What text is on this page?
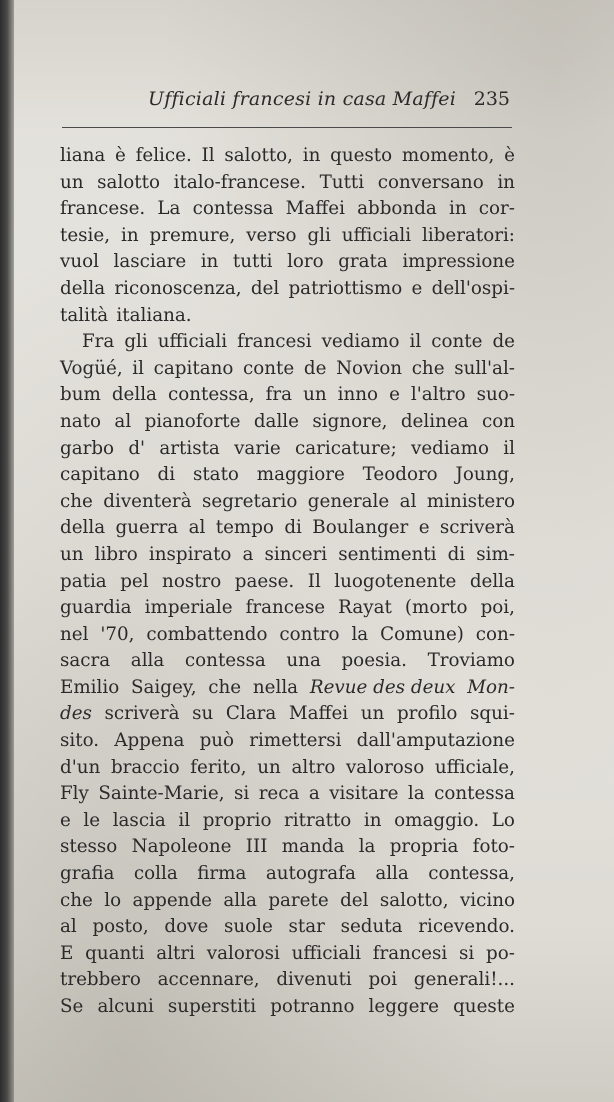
Ufficiali francesi in casa Maffei 235
liana è felice. Il salotto, in questo momento, è
un salotto italo-francese. Tutti conversano in
francese. La contessa Maffei abbonda in cor-
tesie, in premure, verso gli ufficiali liberatori:
vuol lasciare in tutti loro grata impressione
della riconoscenza, del patriottismo e dell'ospi-
talità italiana.
Fra gli ufficiali francesi vediamo il conte de
Vogüé, il capitano conte de Novion che sull'al-
bum della contessa, fra un inno e l'altro suo-
nato al pianoforte dalle signore, delinea con
garbo d' artista varie caricature; vediamo il
capitano di stato maggiore Teodoro Joung,
che diventerà segretario generale al ministero
della guerra al tempo di Boulanger e scriverà
un libro inspirato a sinceri sentimenti di sim-
patia pel nostro paese. Il luogotenente della
guardia imperiale francese Rayat (morto poi,
nel '70, combattendo contro la Comune) con-
sacra alla contessa una poesia. Troviamo
Emilio Saigey, che nella Revue des deux Mon-
des scriverà su Clara Maffei un profilo squi-
sito. Appena può rimettersi dall'amputazione
d'un braccio ferito, un altro valoroso ufficiale,
Fly Sainte-Marie, si reca a visitare la contessa
e le lascia il proprio ritratto in omaggio. Lo
stesso Napoleone III manda la propria foto-
grafia colla firma autografa alla contessa,
che lo appende alla parete del salotto, vicino
al posto, dove suole star seduta ricevendo.
E quanti altri valorosi ufficiali francesi si po-
trebbero accennare, divenuti poi generali!...
Se alcuni superstiti potranno leggere queste
